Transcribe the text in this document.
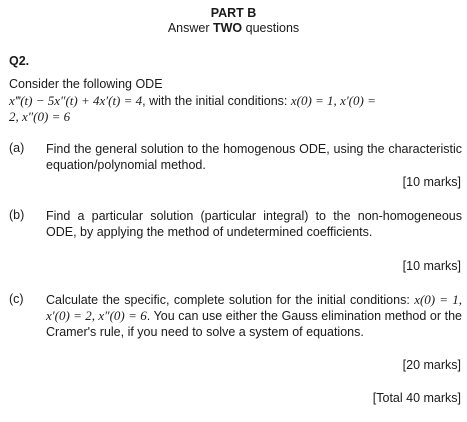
PART B
Answer TWO questions
Q2.
Consider the following ODE
x‴(t) − 5x″(t) + 4x′(t) = 4, with the initial conditions: x(0) = 1, x′(0) =
2, x″(0) = 6
(a) Find the general solution to the homogenous ODE, using the characteristic equation/polynomial method.
[10 marks]
(b) Find a particular solution (particular integral) to the non-homogeneous ODE, by applying the method of undetermined coefficients.
[10 marks]
(c) Calculate the specific, complete solution for the initial conditions: x(0) = 1, x′(0) = 2, x″(0) = 6. You can use either the Gauss elimination method or the Cramer's rule, if you need to solve a system of equations.
[20 marks]
[Total 40 marks]
